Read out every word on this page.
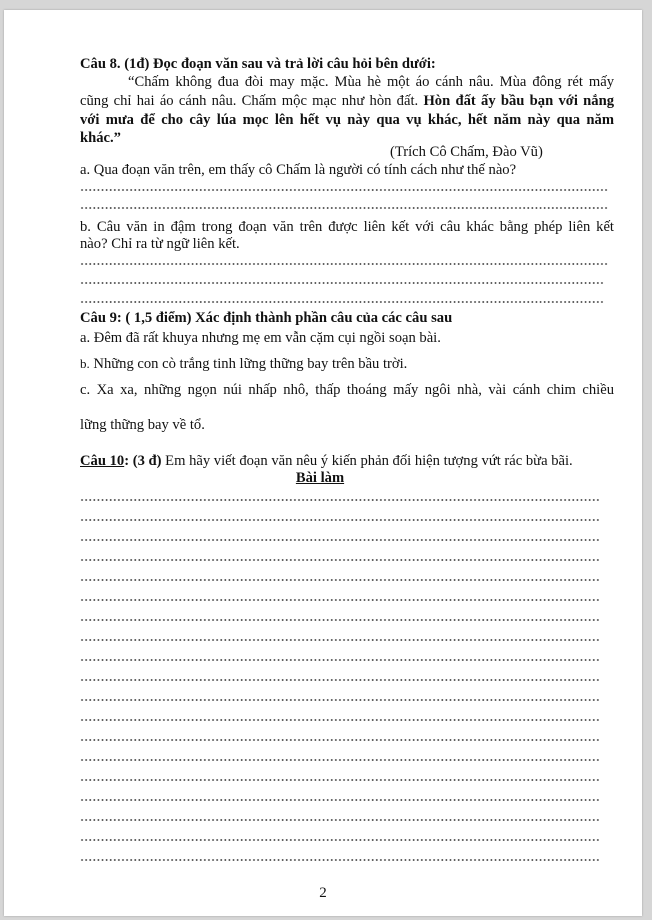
Câu 8. (1đ) Đọc đoạn văn sau và trả lời câu hỏi bên dưới:
“Chấm không đua đòi may mặc. Mùa hè một áo cánh nâu. Mùa đông rét mấy
cũng chỉ hai áo cánh nâu. Chấm mộc mạc như hòn đất. Hòn đất ấy bầu bạn với nắng
với mưa để cho cây lúa mọc lên hết vụ này qua vụ khác, hết năm này qua năm
khác.”
(Trích Cô Chấm, Đào Vũ)
a. Qua đoạn văn trên, em thấy cô Chấm là người có tính cách như thế nào?
b. Câu văn in đậm trong đoạn văn trên được liên kết với câu khác bằng phép liên kết
nào? Chỉ ra từ ngữ liên kết.
Câu 9: ( 1,5 điểm) Xác định thành phần câu của các câu sau
a. Đêm đã rất khuya nhưng mẹ em vẫn cặm cụi ngồi soạn bài.
b. Những con cò trắng tinh lững thững bay trên bầu trời.
c. Xa xa, những ngọn núi nhấp nhô, thấp thoáng mấy ngôi nhà, vài cánh chim chiều
lững thững bay về tổ.
Câu 10: (3 đ) Em hãy viết đoạn văn nêu ý kiến phản đối hiện tượng vứt rác bừa bãi.
Bài làm
2
